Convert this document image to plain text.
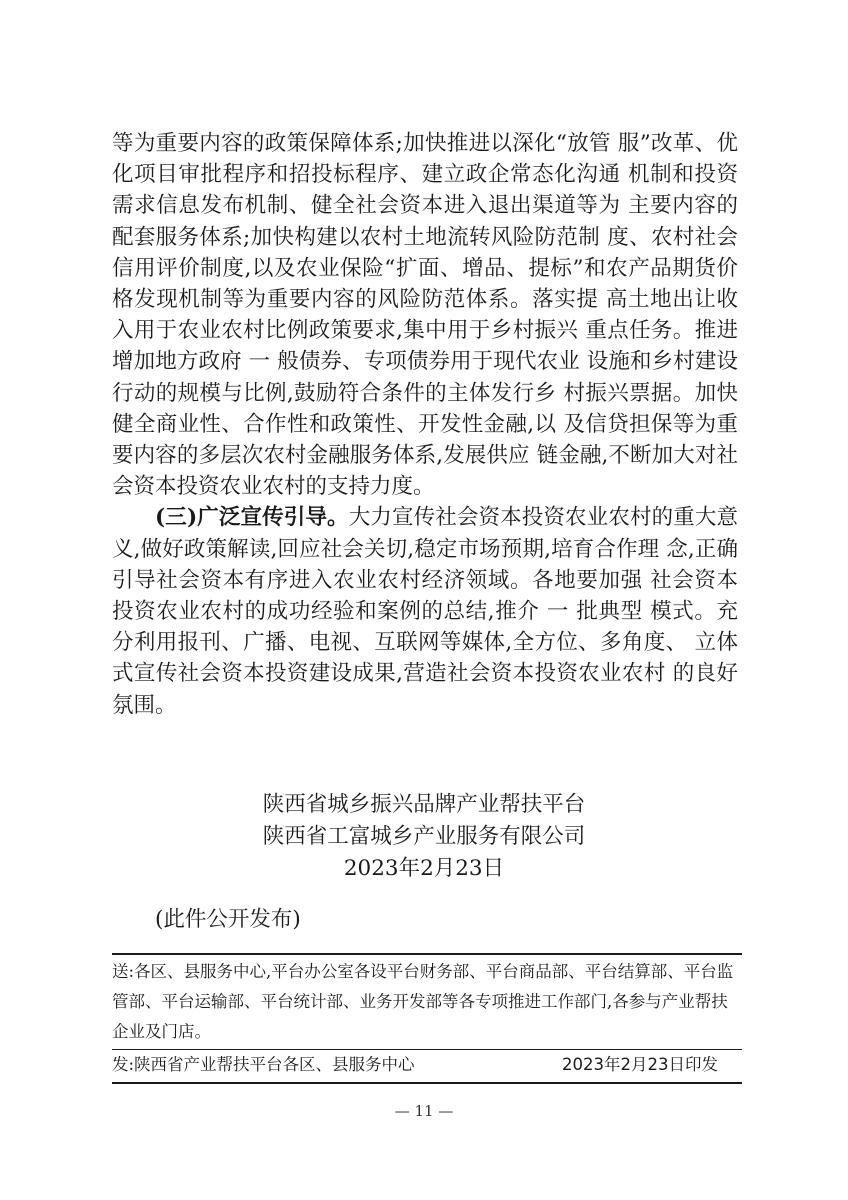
等为重要内容的政策保障体系;加快推进以深化“放管 服”改革、优化项目审批程序和招投标程序、建立政企常态化沟通 机制和投资需求信息发布机制、健全社会资本进入退出渠道等为 主要内容的配套服务体系;加快构建以农村土地流转风险防范制 度、农村社会信用评价制度,以及农业保险“扩面、增品、提标”和农产品期货价格发现机制等为重要内容的风险防范体系。落实提 高土地出让收入用于农业农村比例政策要求,集中用于乡村振兴 重点任务。推进增加地方政府 一 般债券、专项债券用于现代农业 设施和乡村建设行动的规模与比例,鼓励符合条件的主体发行乡 村振兴票据。加快健全商业性、合作性和政策性、开发性金融,以 及信贷担保等为重要内容的多层次农村金融服务体系,发展供应 链金融,不断加大对社会资本投资农业农村的支持力度。

(三)广泛宣传引导。大力宣传社会资本投资农业农村的重大意义,做好政策解读,回应社会关切,稳定市场预期,培育合作理 念,正确引导社会资本有序进入农业农村经济领域。各地要加强 社会资本投资农业农村的成功经验和案例的总结,推介 一 批典型 模式。充分利用报刊、广播、电视、互联网等媒体,全方位、多角度、 立体式宣传社会资本投资建设成果,营造社会资本投资农业农村 的良好氛围。

陕西省城乡振兴品牌产业帮扶平台
陕西省工富城乡产业服务有限公司
2023年2月23日
(此件公开发布)
送:各区、县服务中心,平台办公室各设平台财务部、平台商品部、平台结算部、平台监管部、平台运输部、平台统计部、业务开发部等各专项推进工作部门,各参与产业帮扶企业及门店。
发:陕西省产业帮扶平台各区、县服务中心	2023年2月23日印发
— 11 —
